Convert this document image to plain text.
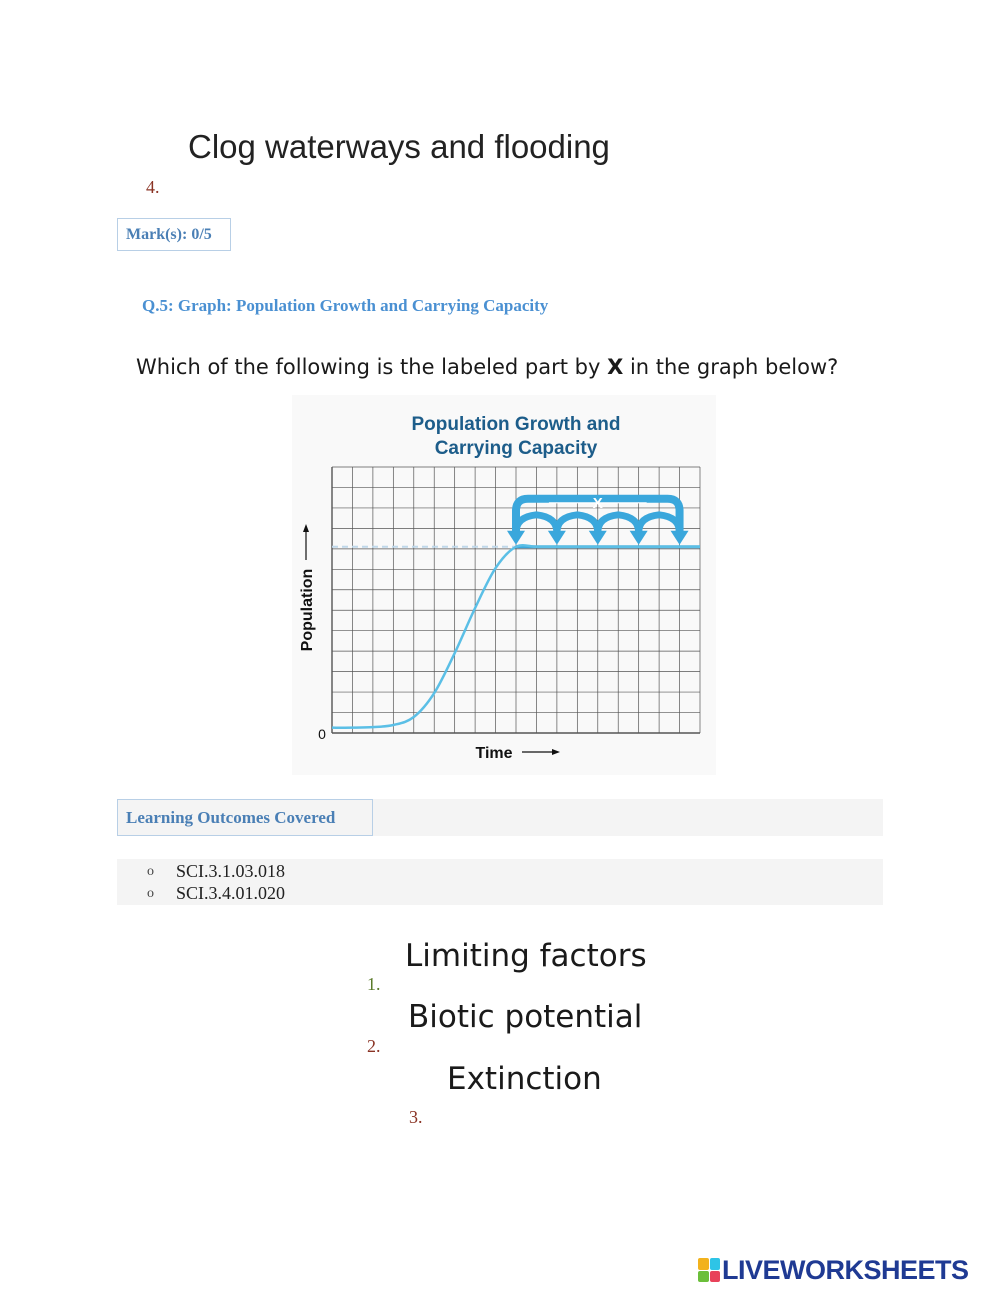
Clog waterways and flooding
4.
Mark(s): 0/5
Q.5: Graph: Population Growth and Carrying Capacity
Which of the following is the labeled part by X in the graph below?
Population Growth and
Carrying Capacity
X
Population
0
Time
Learning Outcomes Covered
o SCI.3.1.03.018
o SCI.3.4.01.020
Limiting factors
1.
Biotic potential
2.
Extinction
3.
LIVEWORKSHEETS
